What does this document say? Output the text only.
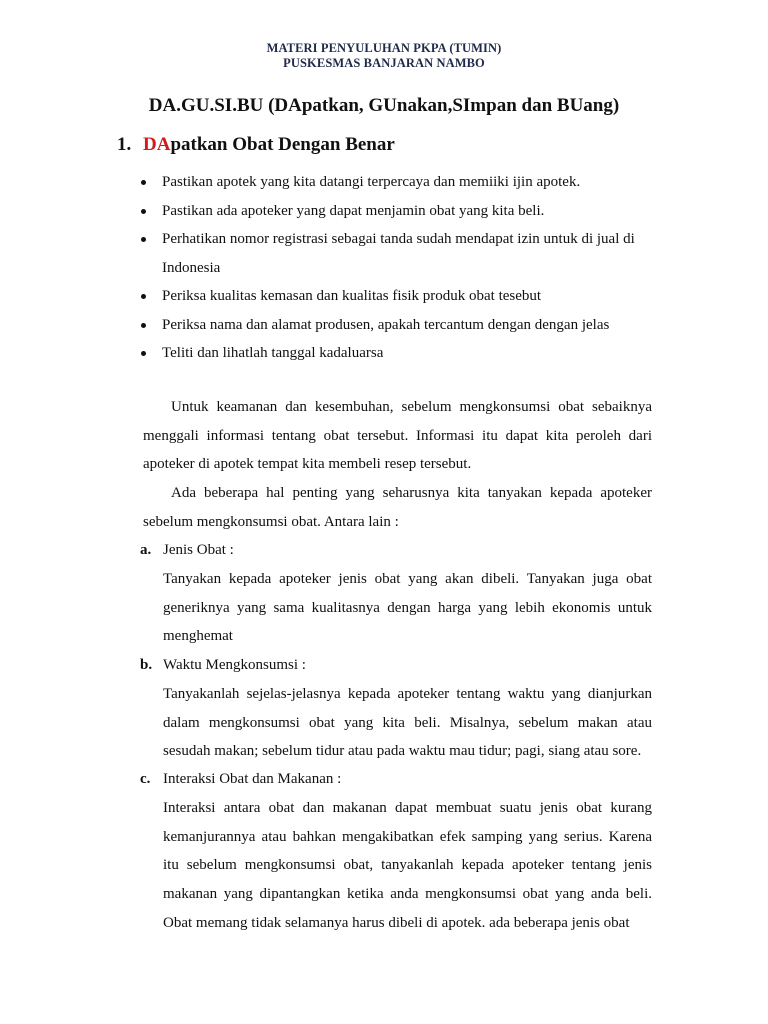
MATERI PENYULUHAN PKPA (TUMIN)
PUSKESMAS BANJARAN NAMBO
DA.GU.SI.BU (DApatkan, GUnakan,SImpan dan BUang)
1. DApatkan Obat Dengan Benar
Pastikan apotek yang kita datangi terpercaya dan memiiki ijin apotek.
Pastikan ada apoteker yang dapat menjamin obat yang kita beli.
Perhatikan nomor registrasi sebagai tanda sudah mendapat izin untuk di jual di Indonesia
Periksa kualitas kemasan dan kualitas fisik produk obat tesebut
Periksa nama dan alamat produsen, apakah tercantum dengan dengan jelas
Teliti dan lihatlah tanggal kadaluarsa

Untuk keamanan dan kesembuhan, sebelum mengkonsumsi obat sebaiknya menggali informasi tentang obat tersebut. Informasi itu dapat kita peroleh dari apoteker di apotek tempat kita membeli resep tersebut.

Ada beberapa hal penting yang seharusnya kita tanyakan kepada apoteker sebelum mengkonsumsi obat. Antara lain :

a. Jenis Obat :

Tanyakan kepada apoteker jenis obat yang akan dibeli. Tanyakan juga obat generiknya yang sama kualitasnya dengan harga yang lebih ekonomis untuk menghemat

b. Waktu Mengkonsumsi :

Tanyakanlah sejelas-jelasnya kepada apoteker tentang waktu yang dianjurkan dalam mengkonsumsi obat yang kita beli. Misalnya, sebelum makan atau sesudah makan; sebelum tidur atau pada waktu mau tidur; pagi, siang atau sore.

c. Interaksi Obat dan Makanan :

Interaksi antara obat dan makanan dapat membuat suatu jenis obat kurang kemanjurannya atau bahkan mengakibatkan efek samping yang serius. Karena itu sebelum mengkonsumsi obat, tanyakanlah kepada apoteker tentang jenis makanan yang dipantangkan ketika anda mengkonsumsi obat yang anda beli. Obat memang tidak selamanya harus dibeli di apotek. ada beberapa jenis obat
